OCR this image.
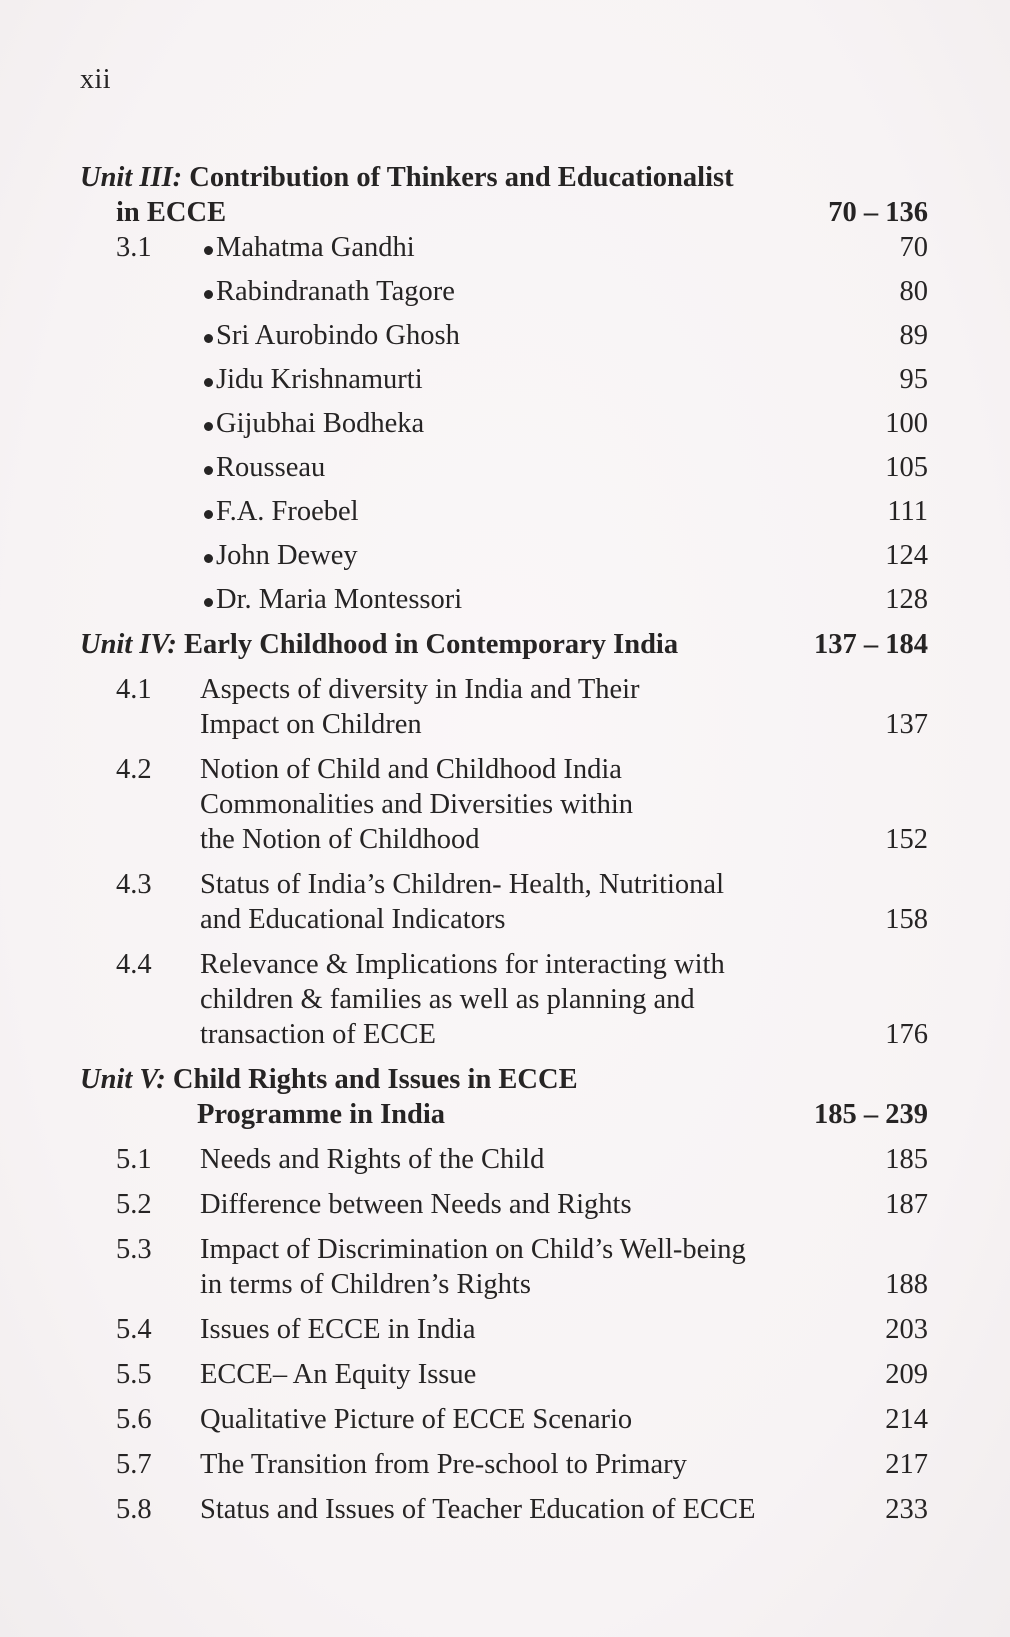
xii
Unit III: Contribution of Thinkers and Educationalist
in ECCE	70 – 136
3.1	Mahatma Gandhi	70
Rabindranath Tagore	80
Sri Aurobindo Ghosh	89
Jidu Krishnamurti	95
Gijubhai Bodheka	100
Rousseau	105
F.A. Froebel	111
John Dewey	124
Dr. Maria Montessori	128
Unit IV: Early Childhood in Contemporary India	137 – 184
4.1	Aspects of diversity in India and Their
Impact on Children	137
4.2	Notion of Child and Childhood India
Commonalities and Diversities within
the Notion of Childhood	152
4.3	Status of India’s Children- Health, Nutritional
and Educational Indicators	158
4.4	Relevance & Implications for interacting with
children & families as well as planning and
transaction of ECCE	176
Unit V: Child Rights and Issues in ECCE
Programme in India	185 – 239
5.1	Needs and Rights of the Child	185
5.2	Difference between Needs and Rights	187
5.3	Impact of Discrimination on Child’s Well-being
in terms of Children’s Rights	188
5.4	Issues of ECCE in India	203
5.5	ECCE– An Equity Issue	209
5.6	Qualitative Picture of ECCE Scenario	214
5.7	The Transition from Pre-school to Primary	217
5.8	Status and Issues of Teacher Education of ECCE	233
